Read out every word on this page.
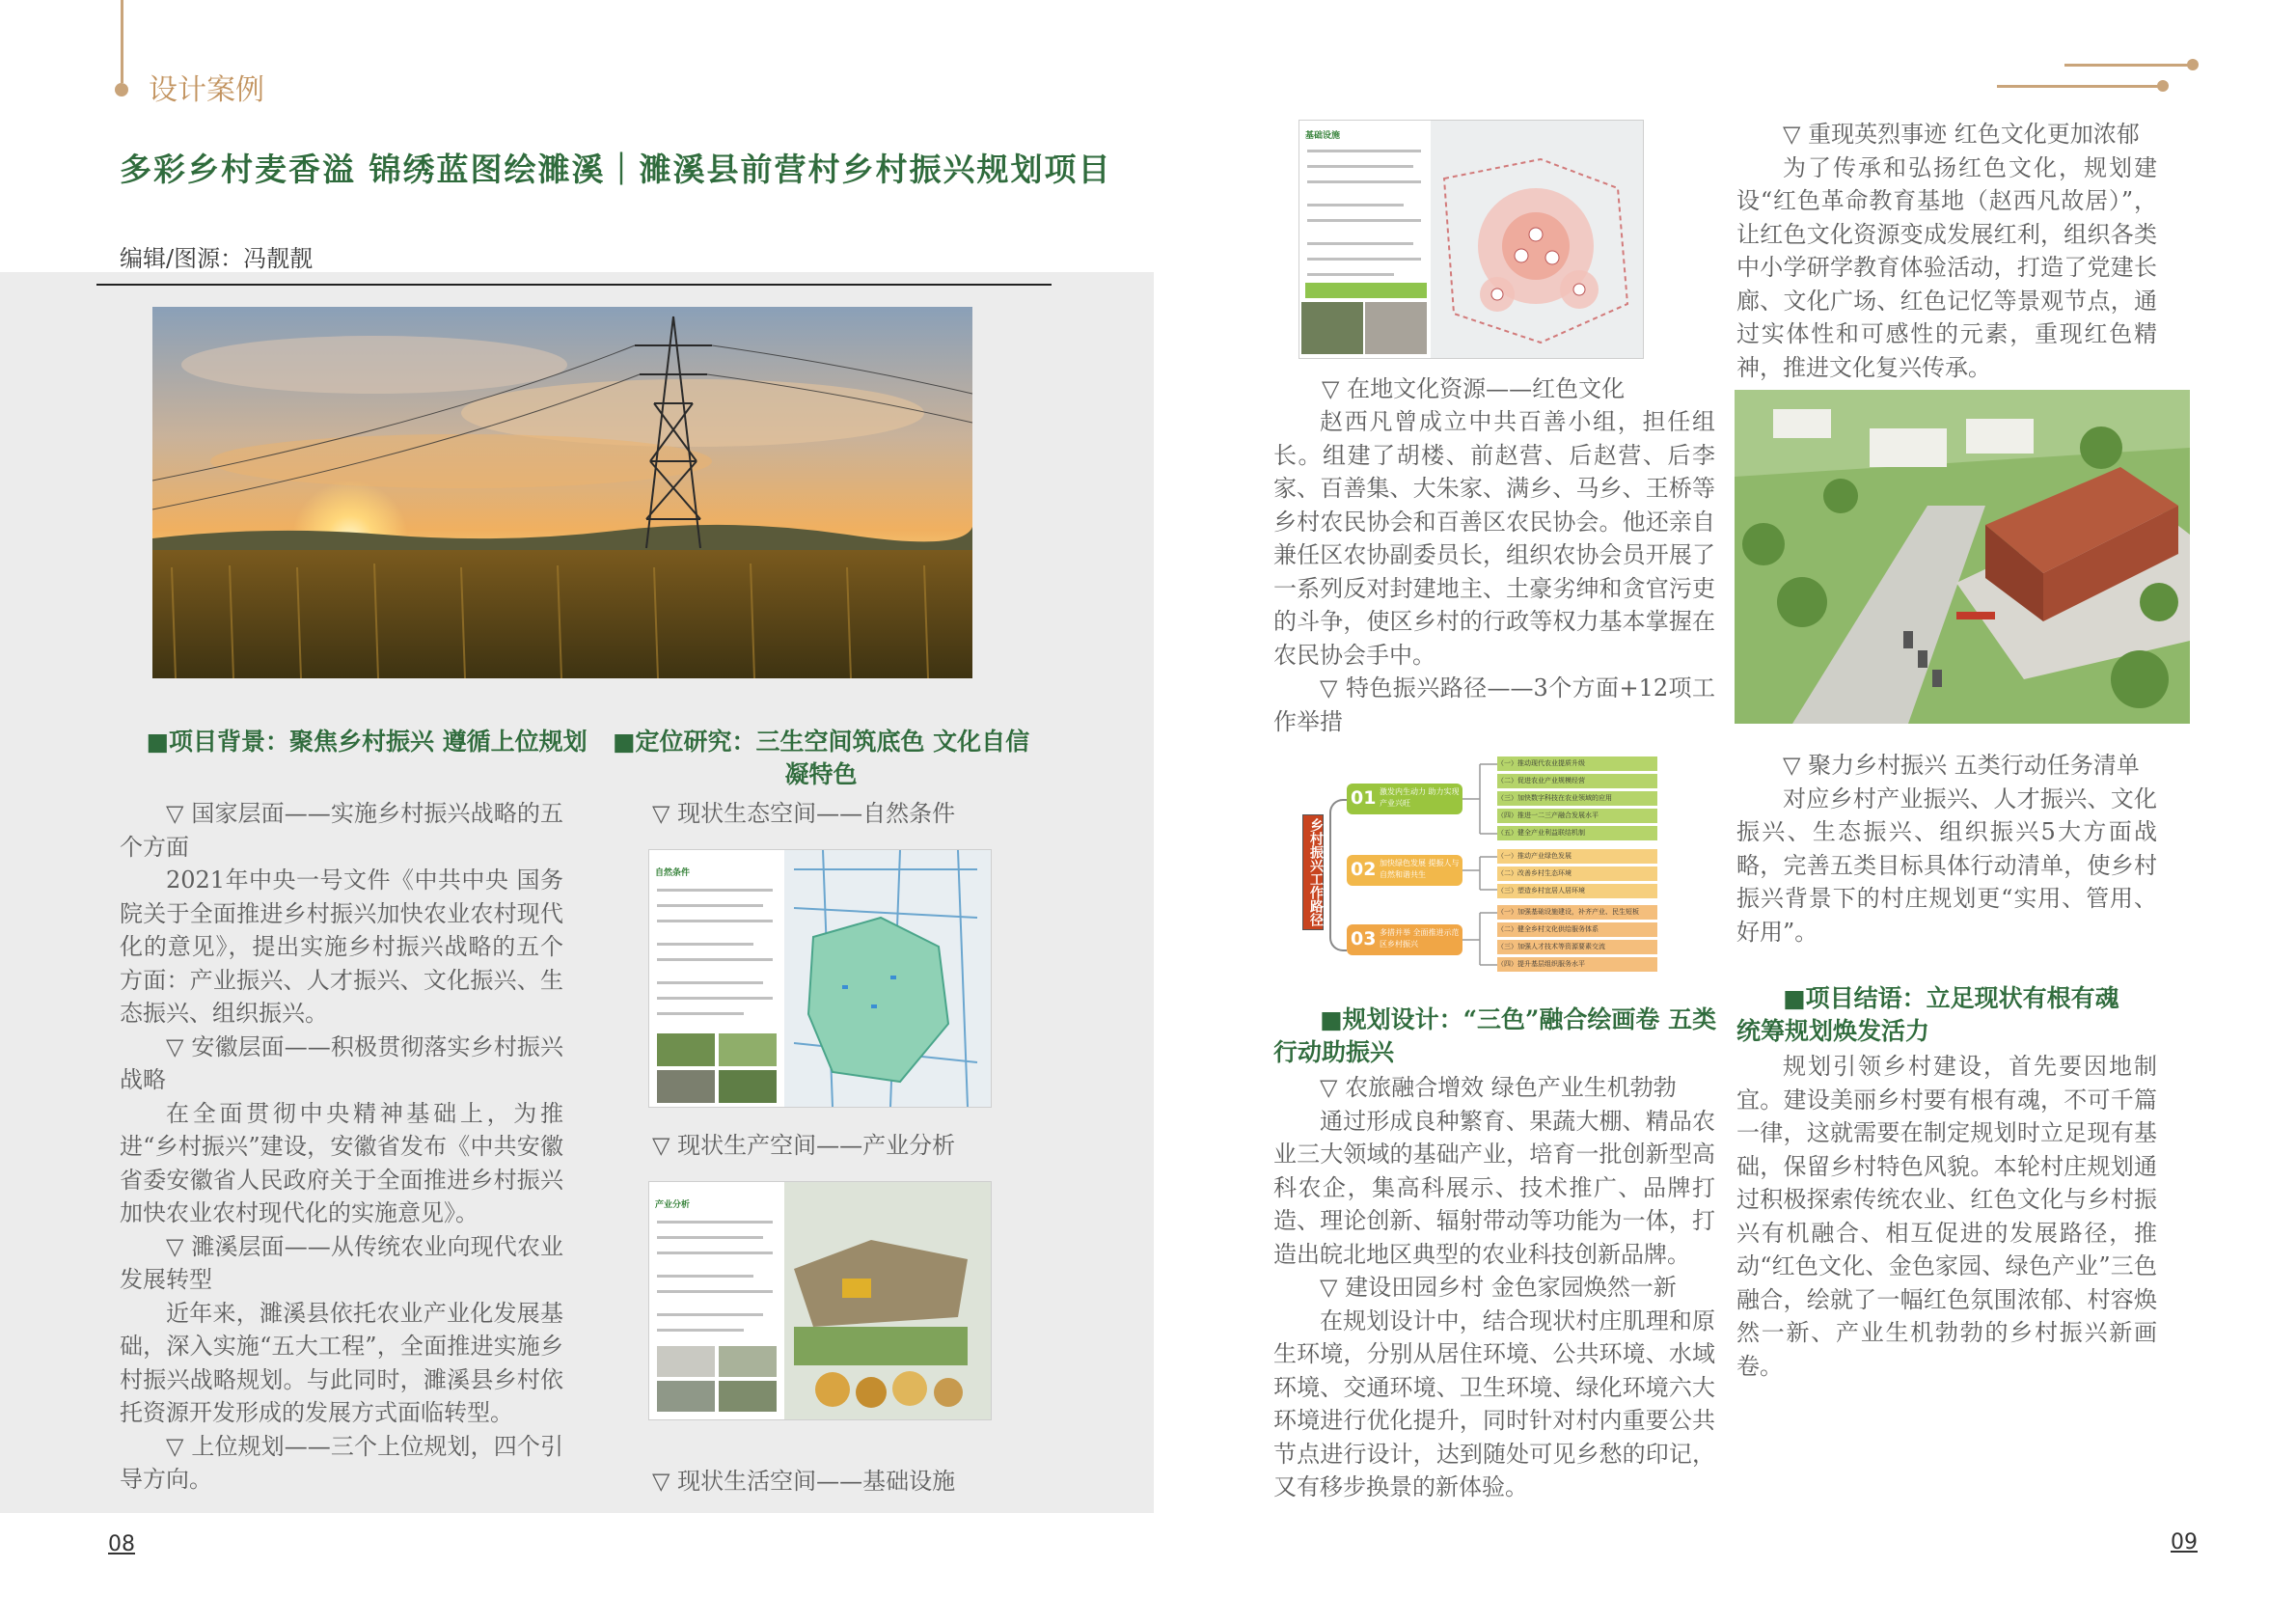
设计案例
多彩乡村麦香溢 锦绣蓝图绘濉溪｜濉溪县前营村乡村振兴规划项目
编辑/图源：冯靓靓
■项目背景：聚焦乡村振兴 遵循上位规划

▽ 国家层面——实施乡村振兴战略的五个方面

2021年中央一号文件《中共中央 国务院关于全面推进乡村振兴加快农业农村现代化的意见》，提出实施乡村振兴战略的五个方面：产业振兴、人才振兴、文化振兴、生态振兴、组织振兴。

▽ 安徽层面——积极贯彻落实乡村振兴战略

在全面贯彻中央精神基础上，为推进“乡村振兴”建设，安徽省发布《中共安徽省委安徽省人民政府关于全面推进乡村振兴加快农业农村现代化的实施意见》。

▽ 濉溪层面——从传统农业向现代农业发展转型

近年来，濉溪县依托农业产业化发展基础，深入实施“五大工程”，全面推进实施乡村振兴战略规划。与此同时，濉溪县乡村依托资源开发形成的发展方式面临转型。

▽ 上位规划——三个上位规划，四个引导方向。

■定位研究：三生空间筑底色 文化自信凝特色
▽ 现状生态空间——自然条件
自然条件
▽ 现状生产空间——产业分析
产业分析
▽ 现状生活空间——基础设施
基础设施
▽ 在地文化资源——红色文化
赵西凡曾成立中共百善小组，担任组长。组建了胡楼、前赵营、后赵营、后李家、百善集、大朱家、满乡、马乡、王桥等乡村农民协会和百善区农民协会。他还亲自兼任区农协副委员长，组织农协会员开展了一系列反对封建地主、土豪劣绅和贪官污吏的斗争，使区乡村的行政等权力基本掌握在农民协会手中。

▽ 特色振兴路径——3个方面+12项工作举措

乡村振兴工作路径
01 激发内生动力 助力实现产业兴旺
（一）推动现代农业提质升级
（二）促进农业产业规模经营
（三）加快数字科技在农业领域的应用
（四）推进一二三产融合发展水平
（五）健全产业利益联结机制
02 加快绿色发展 提振人与自然和谐共生
（一）推动产业绿色发展
（二）改善乡村生态环境
（三）塑造乡村宜居人居环境
03 多措并举 全面推进示范区乡村振兴
（一）加强基础设施建设，补齐产业、民生短板
（二）健全乡村文化供给服务体系
（三）加强人才技术等资源要素交流
（四）提升基层组织服务水平
■规划设计：“三色”融合绘画卷 五类行动助振兴

▽ 农旅融合增效 绿色产业生机勃勃

通过形成良种繁育、果蔬大棚、精品农业三大领域的基础产业，培育一批创新型高科农企，集高科展示、技术推广、品牌打造、理论创新、辐射带动等功能为一体，打造出皖北地区典型的农业科技创新品牌。

▽ 建设田园乡村 金色家园焕然一新

在规划设计中，结合现状村庄肌理和原生环境，分别从居住环境、公共环境、水域环境、交通环境、卫生环境、绿化环境六大环境进行优化提升，同时针对村内重要公共节点进行设计，达到随处可见乡愁的印记，又有移步换景的新体验。

▽ 重现英烈事迹 红色文化更加浓郁

为了传承和弘扬红色文化，规划建设“红色革命教育基地（赵西凡故居）”，让红色文化资源变成发展红利，组织各类中小学研学教育体验活动，打造了党建长廊、文化广场、红色记忆等景观节点，通过实体性和可感性的元素，重现红色精神，推进文化复兴传承。

▽ 聚力乡村振兴 五类行动任务清单

对应乡村产业振兴、人才振兴、文化振兴、生态振兴、组织振兴5大方面战略，完善五类目标具体行动清单，使乡村振兴背景下的村庄规划更“实用、管用、好用”。

■项目结语：立足现状有根有魂 统筹规划焕发活力
规划引领乡村建设，首先要因地制宜。建设美丽乡村要有根有魂，不可千篇一律，这就需要在制定规划时立足现有基础，保留乡村特色风貌。本轮村庄规划通过积极探索传统农业、红色文化与乡村振兴有机融合、相互促进的发展路径，推动“红色文化、金色家园、绿色产业”三色融合，绘就了一幅红色氛围浓郁、村容焕然一新、产业生机勃勃的乡村振兴新画卷。
08	09
